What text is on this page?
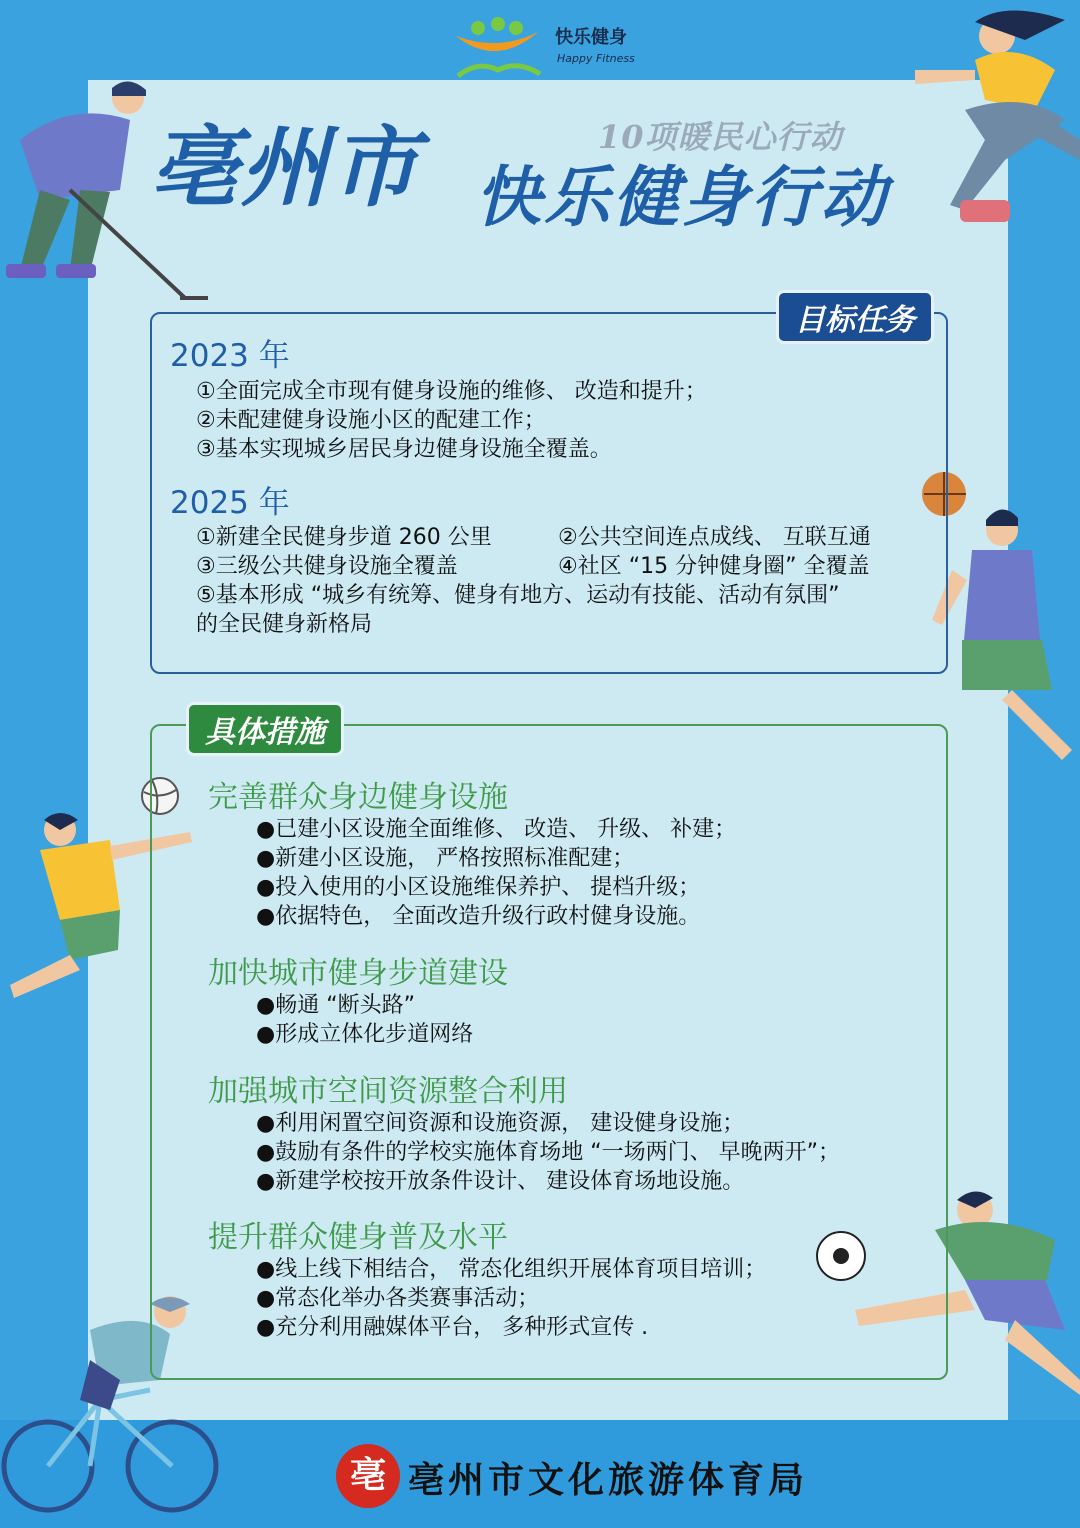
快乐健身
Happy Fitness
10项暖民心行动
亳州市 快乐健身行动
目标任务
2023 年
①全面完成全市现有健身设施的维修、 改造和提升；
②未配建健身设施小区的配建工作；
③基本实现城乡居民身边健身设施全覆盖。
2025 年
①新建全民健身步道 260 公里	②公共空间连点成线、 互联互通
③三级公共健身设施全覆盖	④社区 “15 分钟健身圈” 全覆盖
⑤基本形成 “城乡有统筹、健身有地方、运动有技能、活动有氛围”
的全民健身新格局
具体措施
完善群众身边健身设施
●已建小区设施全面维修、 改造、 升级、 补建；
●新建小区设施， 严格按照标准配建；
●投入使用的小区设施维保养护、 提档升级；
●依据特色， 全面改造升级行政村健身设施。
加快城市健身步道建设
●畅通 “断头路”
●形成立体化步道网络
加强城市空间资源整合利用
●利用闲置空间资源和设施资源， 建设健身设施；
●鼓励有条件的学校实施体育场地 “一场两门、 早晚两开”；
●新建学校按开放条件设计、 建设体育场地设施。
提升群众健身普及水平
●线上线下相结合， 常态化组织开展体育项目培训；
●常态化举办各类赛事活动；
●充分利用融媒体平台， 多种形式宣传 .
亳 亳州市文化旅游体育局
